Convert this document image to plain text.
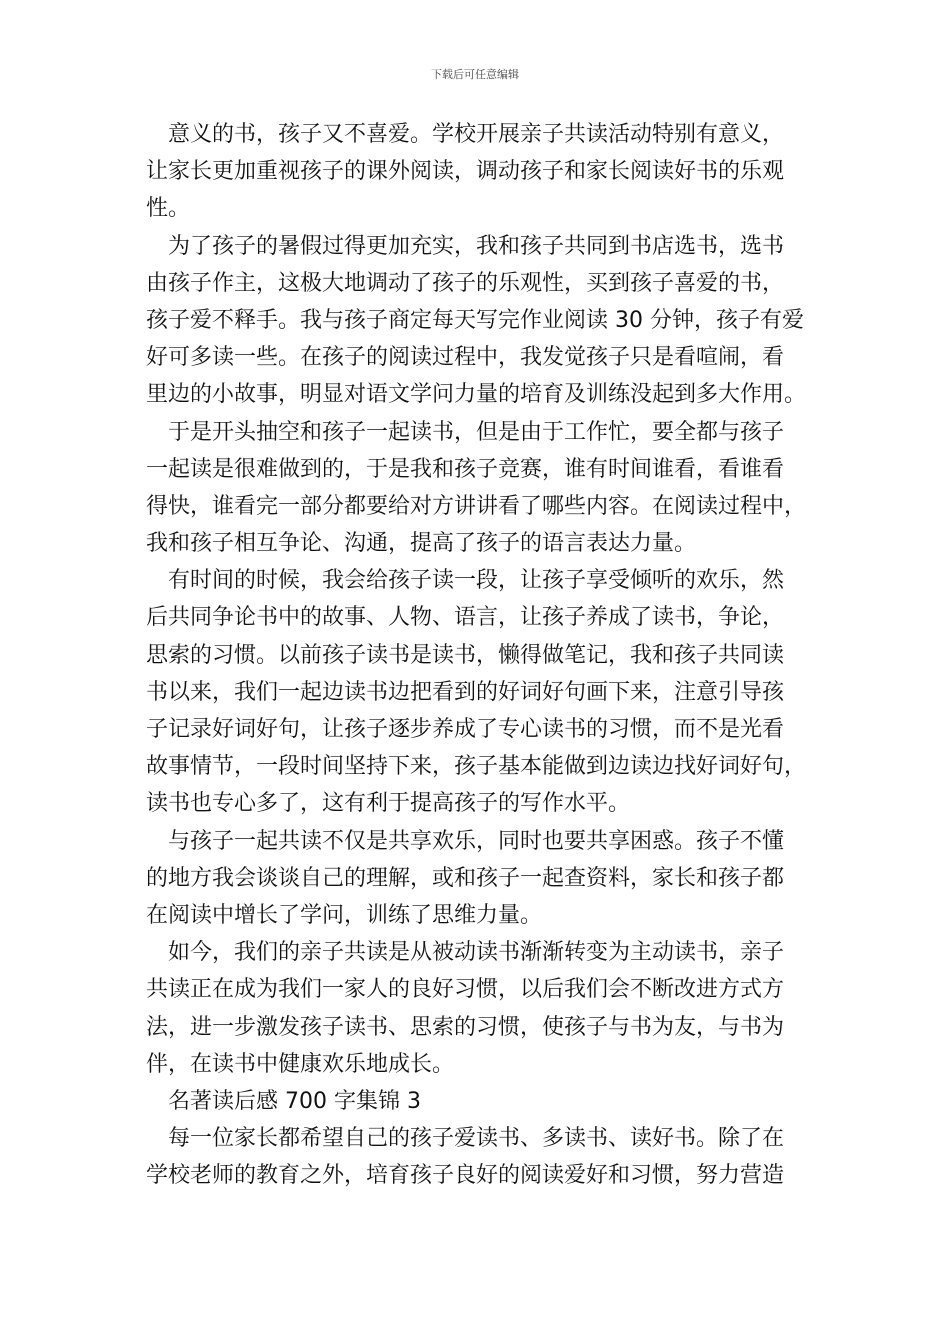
下载后可任意编辑
意义的书，孩子又不喜爱。学校开展亲子共读活动特别有意义，
让家长更加重视孩子的课外阅读，调动孩子和家长阅读好书的乐观
性。
为了孩子的暑假过得更加充实，我和孩子共同到书店选书，选书
由孩子作主，这极大地调动了孩子的乐观性，买到孩子喜爱的书，
孩子爱不释手。我与孩子商定每天写完作业阅读 30 分钟，孩子有爱
好可多读一些。在孩子的阅读过程中，我发觉孩子只是看喧闹，看
里边的小故事，明显对语文学问力量的培育及训练没起到多大作用。
于是开头抽空和孩子一起读书，但是由于工作忙，要全都与孩子
一起读是很难做到的，于是我和孩子竞赛，谁有时间谁看，看谁看
得快，谁看完一部分都要给对方讲讲看了哪些内容。在阅读过程中，
我和孩子相互争论、沟通，提高了孩子的语言表达力量。
有时间的时候，我会给孩子读一段，让孩子享受倾听的欢乐，然
后共同争论书中的故事、人物、语言，让孩子养成了读书，争论，
思索的习惯。以前孩子读书是读书，懒得做笔记，我和孩子共同读
书以来，我们一起边读书边把看到的好词好句画下来，注意引导孩
子记录好词好句，让孩子逐步养成了专心读书的习惯，而不是光看
故事情节，一段时间坚持下来，孩子基本能做到边读边找好词好句，
读书也专心多了，这有利于提高孩子的写作水平。
与孩子一起共读不仅是共享欢乐，同时也要共享困惑。孩子不懂
的地方我会谈谈自己的理解，或和孩子一起查资料，家长和孩子都
在阅读中增长了学问，训练了思维力量。
如今，我们的亲子共读是从被动读书渐渐转变为主动读书，亲子
共读正在成为我们一家人的良好习惯，以后我们会不断改进方式方
法，进一步激发孩子读书、思索的习惯，使孩子与书为友，与书为
伴，在读书中健康欢乐地成长。
名著读后感 700 字集锦 3
每一位家长都希望自己的孩子爱读书、多读书、读好书。除了在
学校老师的教育之外，培育孩子良好的阅读爱好和习惯，努力营造
